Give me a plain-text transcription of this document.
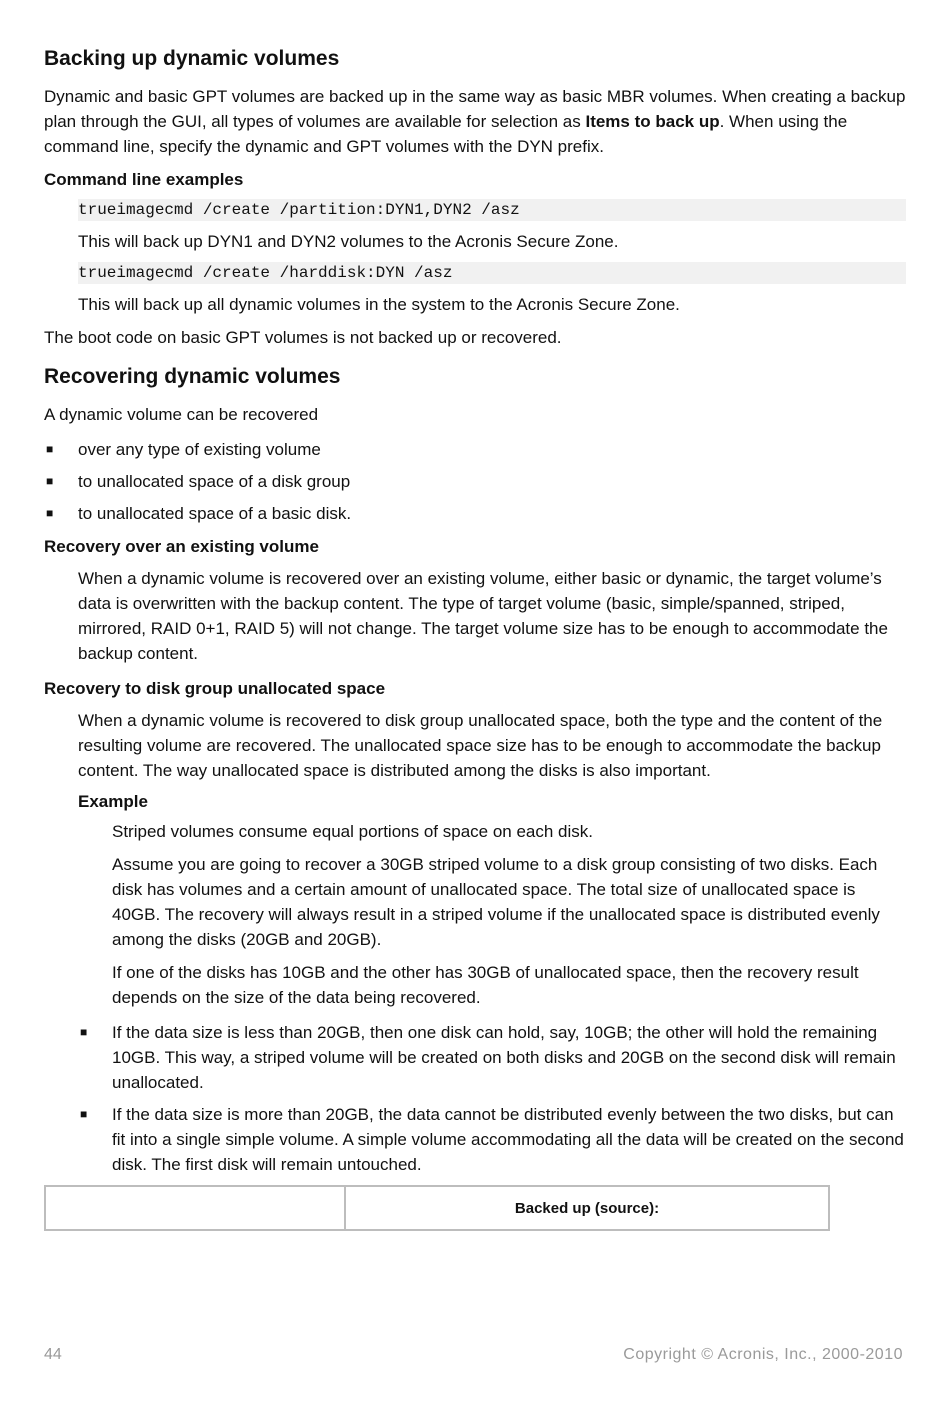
Backing up dynamic volumes

Dynamic and basic GPT volumes are backed up in the same way as basic MBR volumes. When creating a backup plan through the GUI, all types of volumes are available for selection as Items to back up. When using the command line, specify the dynamic and GPT volumes with the DYN prefix.

Command line examples
trueimagecmd /create /partition:DYN1,DYN2 /asz

This will back up DYN1 and DYN2 volumes to the Acronis Secure Zone.

trueimagecmd /create /harddisk:DYN /asz

This will back up all dynamic volumes in the system to the Acronis Secure Zone.

The boot code on basic GPT volumes is not backed up or recovered.

Recovering dynamic volumes

A dynamic volume can be recovered

■ over any type of existing volume
■ to unallocated space of a disk group
■ to unallocated space of a basic disk.
Recovery over an existing volume

When a dynamic volume is recovered over an existing volume, either basic or dynamic, the target volume’s data is overwritten with the backup content. The type of target volume (basic, simple/spanned, striped, mirrored, RAID 0+1, RAID 5) will not change. The target volume size has to be enough to accommodate the backup content.

Recovery to disk group unallocated space

When a dynamic volume is recovered to disk group unallocated space, both the type and the content of the resulting volume are recovered. The unallocated space size has to be enough to accommodate the backup content. The way unallocated space is distributed among the disks is also important.

Example

Striped volumes consume equal portions of space on each disk.

Assume you are going to recover a 30GB striped volume to a disk group consisting of two disks. Each disk has volumes and a certain amount of unallocated space. The total size of unallocated space is 40GB. The recovery will always result in a striped volume if the unallocated space is distributed evenly among the disks (20GB and 20GB).

If one of the disks has 10GB and the other has 30GB of unallocated space, then the recovery result depends on the size of the data being recovered.

■ If the data size is less than 20GB, then one disk can hold, say, 10GB; the other will hold the remaining 10GB. This way, a striped volume will be created on both disks and 20GB on the second disk will remain unallocated.
■ If the data size is more than 20GB, the data cannot be distributed evenly between the two disks, but can fit into a single simple volume. A simple volume accommodating all the data will be created on the second disk. The first disk will remain untouched.
	Backed up (source):
44	Copyright © Acronis, Inc., 2000-2010
